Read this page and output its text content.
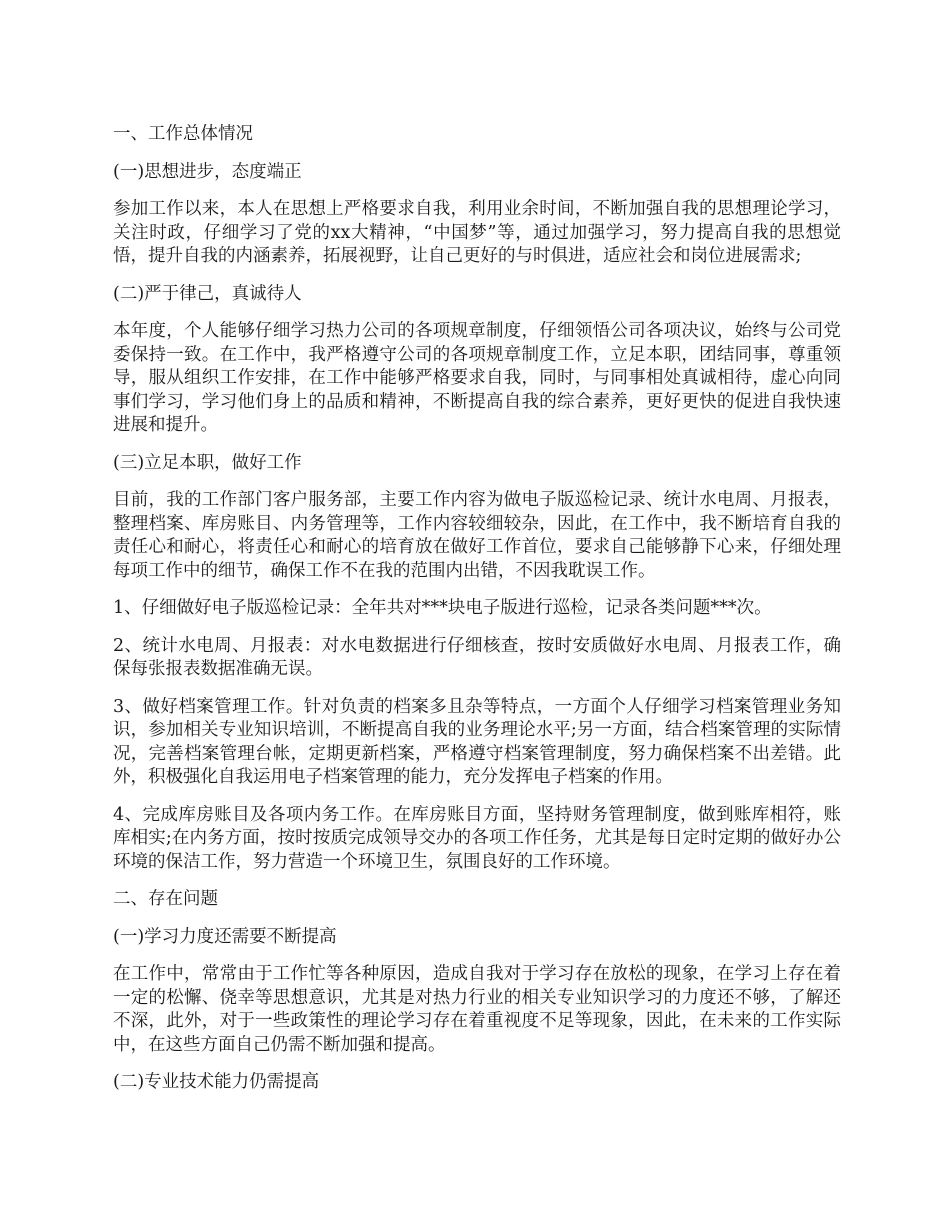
一、工作总体情况

(一)思想进步，态度端正

参加工作以来，本人在思想上严格要求自我，利用业余时间，不断加强自我的思想理论学习，关注时政，仔细学习了党的xx大精神，“中国梦”等，通过加强学习，努力提高自我的思想觉悟，提升自我的内涵素养，拓展视野，让自己更好的与时俱进，适应社会和岗位进展需求;

(二)严于律己，真诚待人

本年度，个人能够仔细学习热力公司的各项规章制度，仔细领悟公司各项决议，始终与公司党委保持一致。在工作中，我严格遵守公司的各项规章制度工作，立足本职，团结同事，尊重领导，服从组织工作安排，在工作中能够严格要求自我，同时，与同事相处真诚相待，虚心向同事们学习，学习他们身上的品质和精神，不断提高自我的综合素养，更好更快的促进自我快速进展和提升。

(三)立足本职，做好工作

目前，我的工作部门客户服务部，主要工作内容为做电子版巡检记录、统计水电周、月报表，整理档案、库房账目、内务管理等，工作内容较细较杂，因此，在工作中，我不断培育自我的责任心和耐心，将责任心和耐心的培育放在做好工作首位，要求自己能够静下心来，仔细处理每项工作中的细节，确保工作不在我的范围内出错，不因我耽误工作。

1、仔细做好电子版巡检记录：全年共对***块电子版进行巡检，记录各类问题***次。

2、统计水电周、月报表：对水电数据进行仔细核查，按时安质做好水电周、月报表工作，确保每张报表数据准确无误。

3、做好档案管理工作。针对负责的档案多且杂等特点，一方面个人仔细学习档案管理业务知识，参加相关专业知识培训，不断提高自我的业务理论水平;另一方面，结合档案管理的实际情况，完善档案管理台帐，定期更新档案，严格遵守档案管理制度，努力确保档案不出差错。此外，积极强化自我运用电子档案管理的能力，充分发挥电子档案的作用。

4、完成库房账目及各项内务工作。在库房账目方面，坚持财务管理制度，做到账库相符，账库相实;在内务方面，按时按质完成领导交办的各项工作任务，尤其是每日定时定期的做好办公环境的保洁工作，努力营造一个环境卫生，氛围良好的工作环境。

二、存在问题

(一)学习力度还需要不断提高

在工作中，常常由于工作忙等各种原因，造成自我对于学习存在放松的现象，在学习上存在着一定的松懈、侥幸等思想意识，尤其是对热力行业的相关专业知识学习的力度还不够，了解还不深，此外，对于一些政策性的理论学习存在着重视度不足等现象，因此，在未来的工作实际中，在这些方面自己仍需不断加强和提高。

(二)专业技术能力仍需提高
